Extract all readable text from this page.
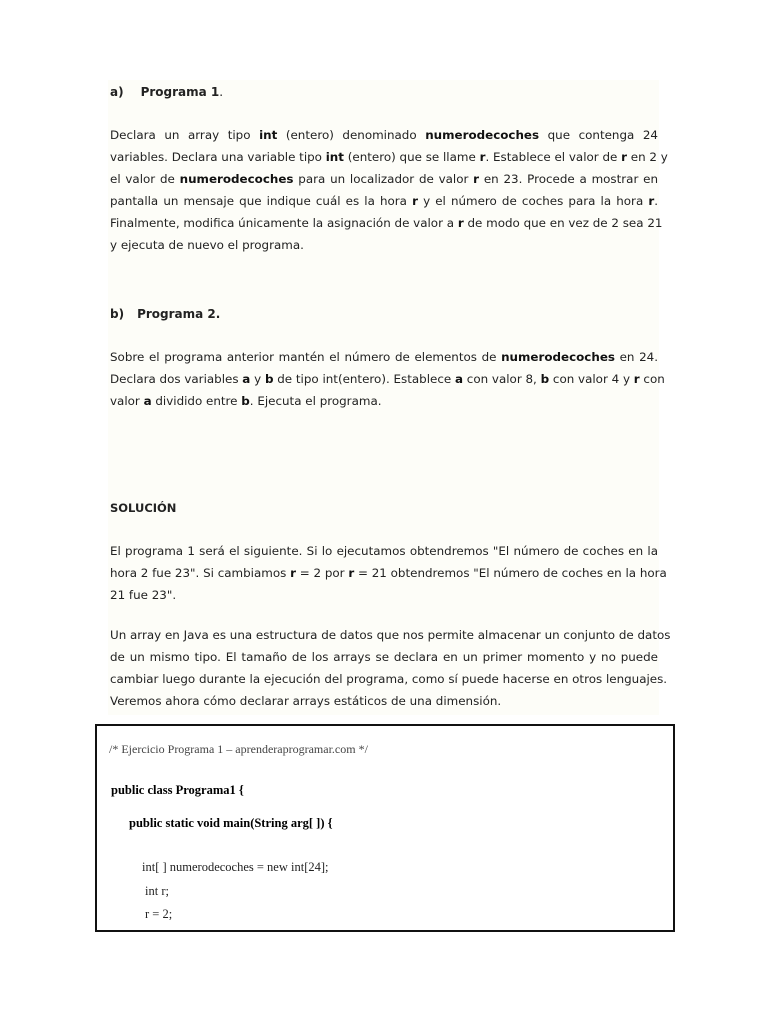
a) Programa 1.
Declara un array tipo int (entero) denominado numerodecoches que contenga 24
variables. Declara una variable tipo int (entero) que se llame r. Establece el valor de r en 2 y
el valor de numerodecoches para un localizador de valor r en 23. Procede a mostrar en
pantalla un mensaje que indique cuál es la hora r y el número de coches para la hora r.
Finalmente, modifica únicamente la asignación de valor a r de modo que en vez de 2 sea 21
y ejecuta de nuevo el programa.
b) Programa 2.
Sobre el programa anterior mantén el número de elementos de numerodecoches en 24.
Declara dos variables a y b de tipo int(entero). Establece a con valor 8, b con valor 4 y r con
valor a dividido entre b. Ejecuta el programa.
SOLUCIÓN
El programa 1 será el siguiente. Si lo ejecutamos obtendremos "El número de coches en la
hora 2 fue 23". Si cambiamos r = 2 por r = 21 obtendremos "El número de coches en la hora
21 fue 23".
Un array en Java es una estructura de datos que nos permite almacenar un conjunto de datos
de un mismo tipo. El tamaño de los arrays se declara en un primer momento y no puede
cambiar luego durante la ejecución del programa, como sí puede hacerse en otros lenguajes.
Veremos ahora cómo declarar arrays estáticos de una dimensión.
/* Ejercicio Programa 1 – aprenderaprogramar.com */
public class Programa1 {
public static void main(String arg[ ]) {
int[ ] numerodecoches = new int[24];
int r;
r = 2;
